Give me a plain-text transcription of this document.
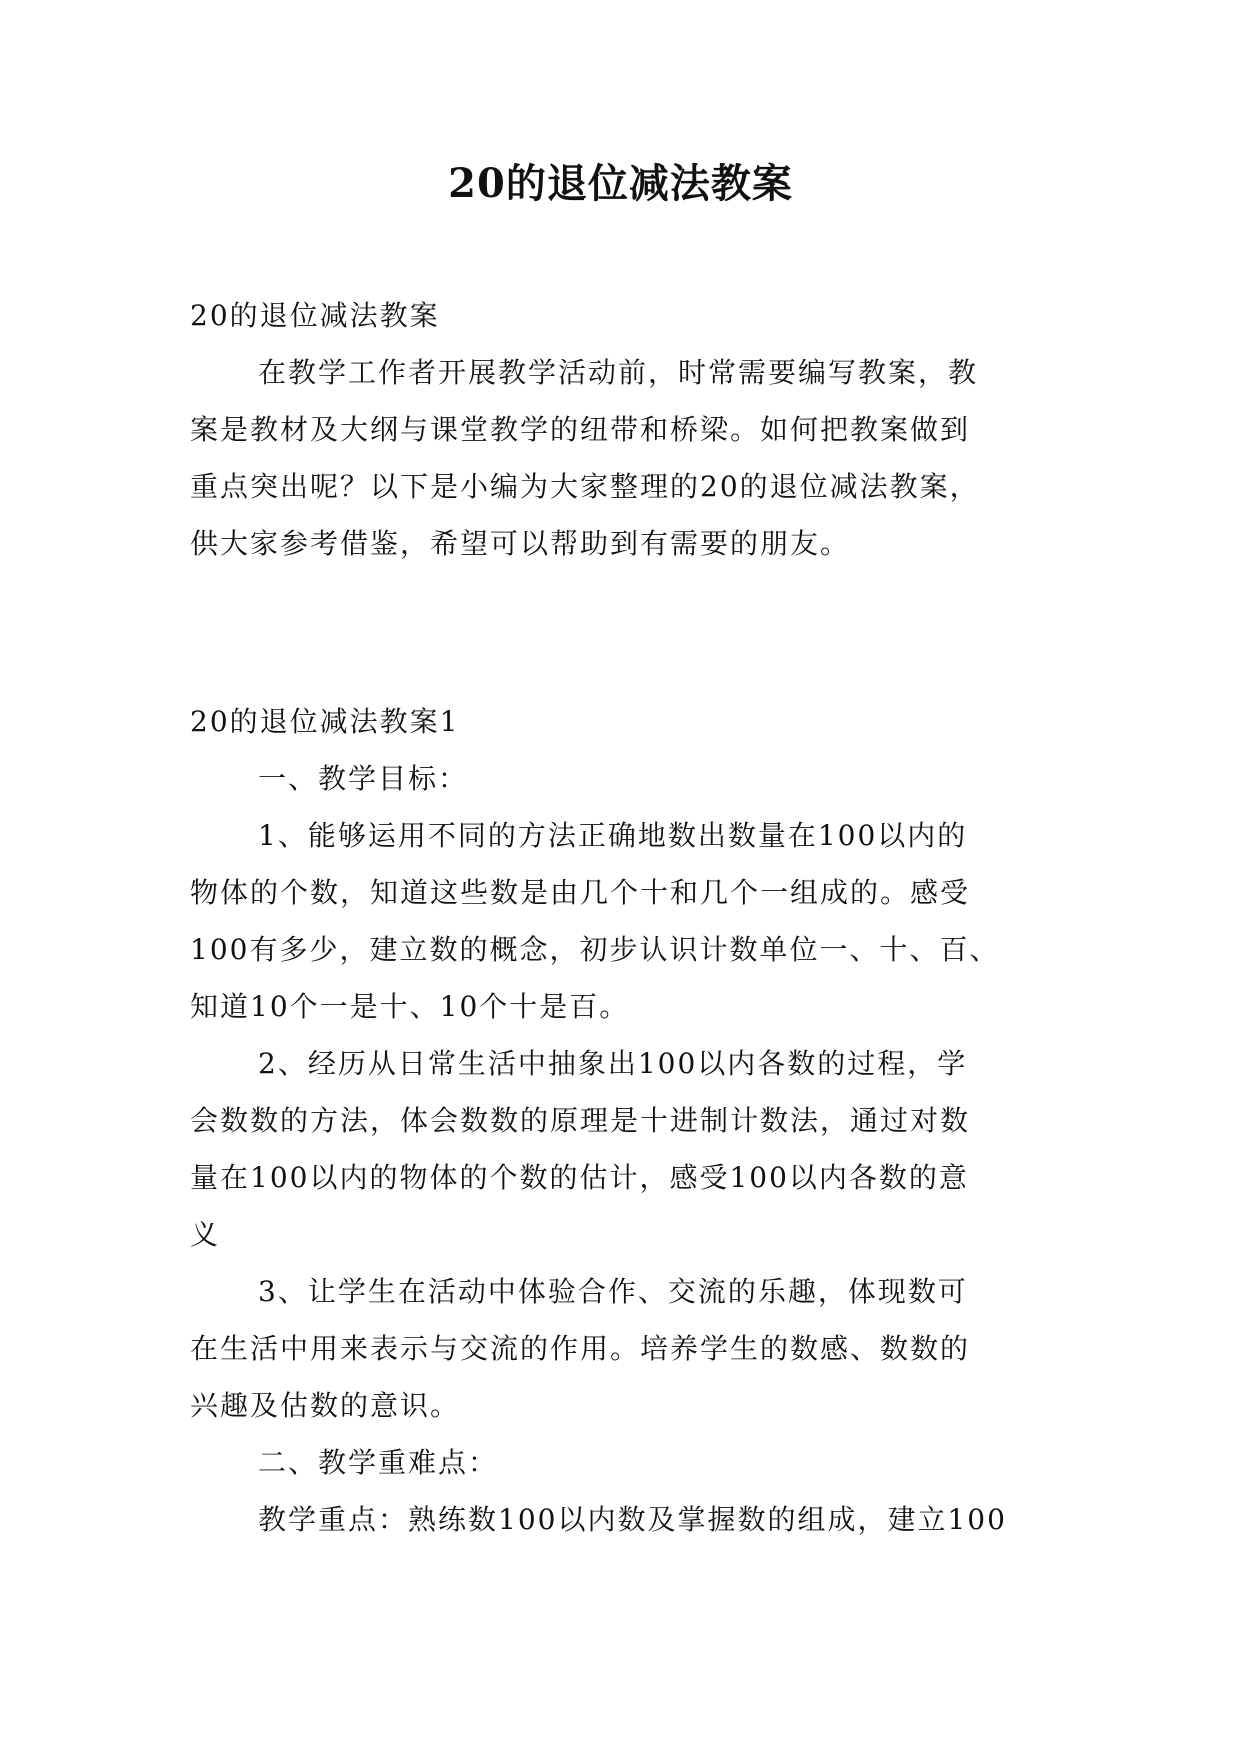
20的退位减法教案

20的退位减法教案

在教学工作者开展教学活动前，时常需要编写教案，教

案是教材及大纲与课堂教学的纽带和桥梁。如何把教案做到

重点突出呢？以下是小编为大家整理的20的退位减法教案，

供大家参考借鉴，希望可以帮助到有需要的朋友。

20的退位减法教案1

一、教学目标：

1、能够运用不同的方法正确地数出数量在100以内的

物体的个数，知道这些数是由几个十和几个一组成的。感受

100有多少，建立数的概念，初步认识计数单位一、十、百、

知道10个一是十、10个十是百。

2、经历从日常生活中抽象出100以内各数的过程，学

会数数的方法，体会数数的原理是十进制计数法，通过对数

量在100以内的物体的个数的估计，感受100以内各数的意

义

3、让学生在活动中体验合作、交流的乐趣，体现数可

在生活中用来表示与交流的作用。培养学生的数感、数数的

兴趣及估数的意识。

二、教学重难点：

教学重点：熟练数100以内数及掌握数的组成，建立100
